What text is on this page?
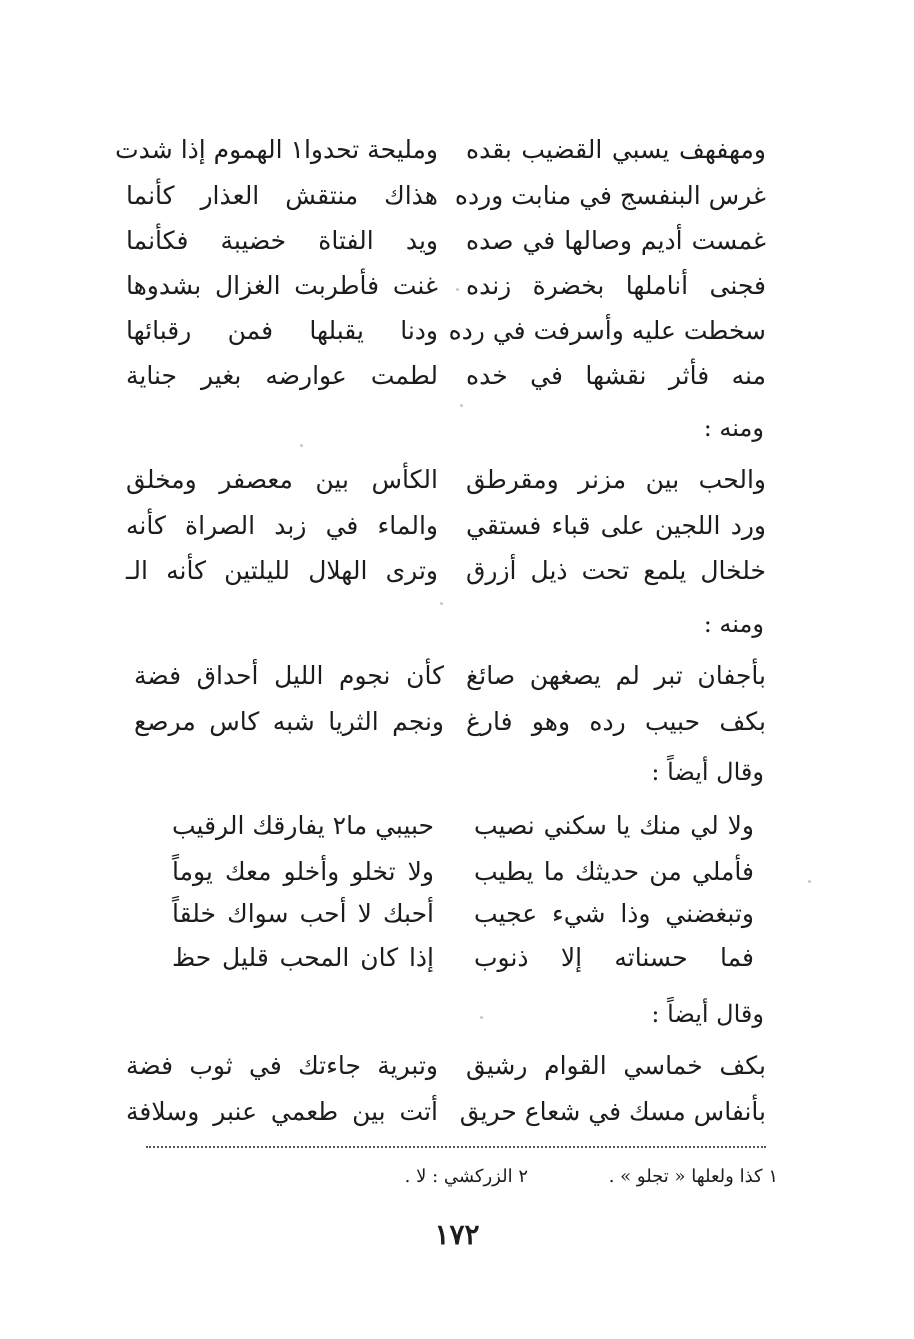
ومليحة تحدوا١ الهموم إذا شدت ومهفهف يسبي القضيب بقده
هذاك منتقش العذار كأنما غرس البنفسج في منابت ورده
ويد الفتاة خضيبة فكأنما غمست أديم وصالها في صده
غنت فأطربت الغزال بشدوها فجنى أناملها بخضرة زنده
ودنا يقبلها فمن رقبائها سخطت عليه وأسرفت في رده
لطمت عوارضه بغير جناية منه فأثر نقشها في خده
ومنه :
الكأس بين معصفر ومخلق والحب بين مزنر ومقرطق
والماء في زبد الصراة كأنه ورد اللجين على قباء فستقي
وترى الهلال لليلتين كأنه الـ خلخال يلمع تحت ذيل أزرق
ومنه :
كأن نجوم الليل أحداق فضة بأجفان تبر لم يصغهن صائغ
ونجم الثريا شبه كاس مرصع بكف حبيب رده وهو فارغ
وقال أيضاً :
حبيبي ما٢ يفارقك الرقيب ولا لي منك يا سكني نصيب
ولا تخلو وأخلو معك يوماً فأملي من حديثك ما يطيب
أحبك لا أحب سواك خلقاً وتبغضني وذا شيء عجيب
إذا كان المحب قليل حظ فما حسناته إلا ذنوب
وقال أيضاً :
وتبرية جاءتك في ثوب فضة بكف خماسي القوام رشيق
أتت بين طعمي عنبر وسلافة بأنفاس مسك في شعاع حريق
١ كذا ولعلها « تجلو » .
٢ الزركشي : لا .
١٧٢
